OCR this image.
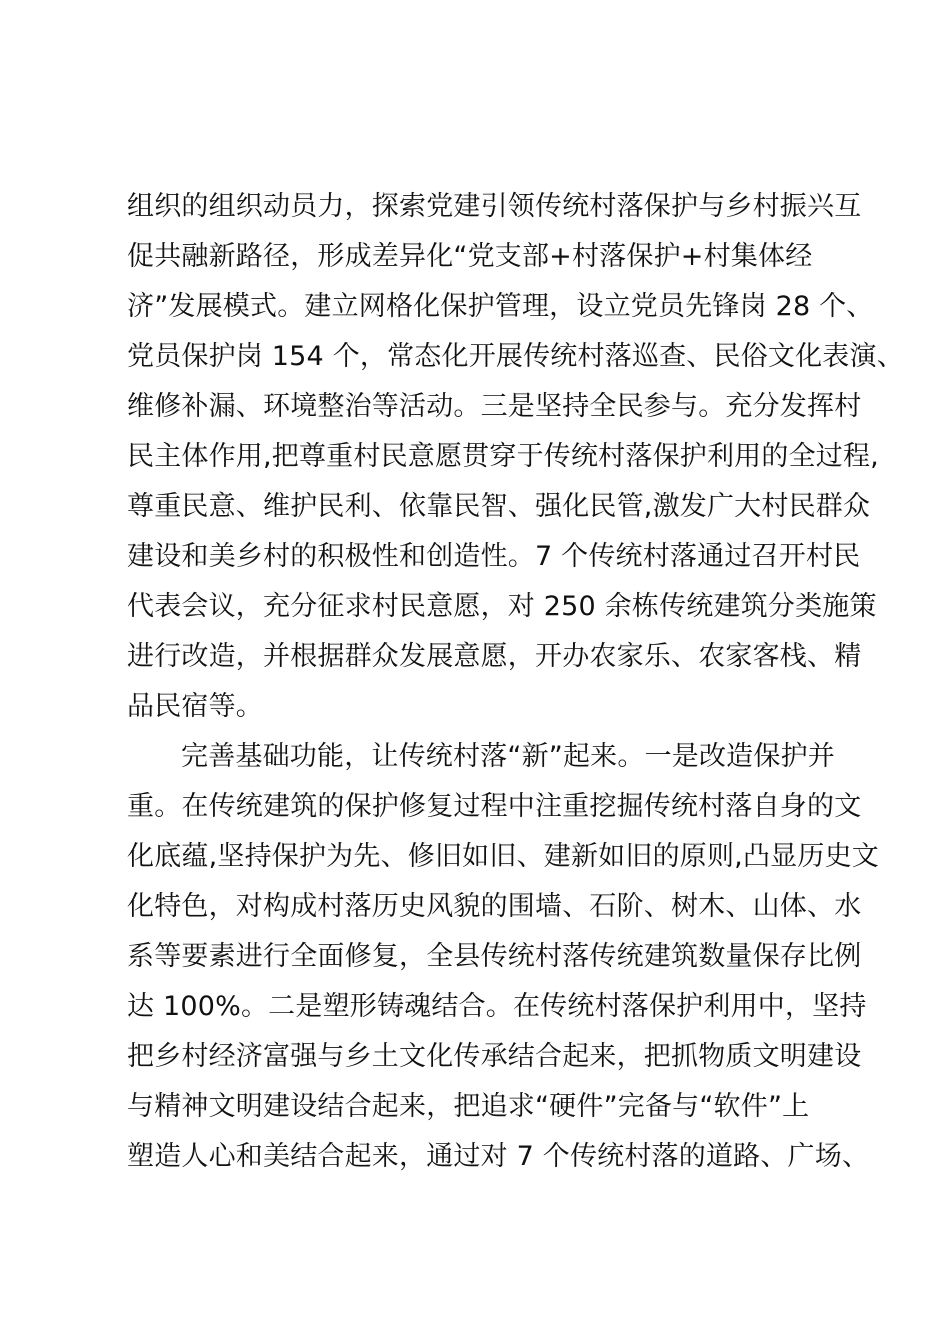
组织的组织动员力，探索党建引领传统村落保护与乡村振兴互
促共融新路径，形成差异化“党支部+村落保护+村集体经
济”发展模式。建立网格化保护管理，设立党员先锋岗 28 个、
党员保护岗 154 个，常态化开展传统村落巡查、民俗文化表演、
维修补漏、环境整治等活动。三是坚持全民参与。充分发挥村
民主体作用,把尊重村民意愿贯穿于传统村落保护利用的全过程,
尊重民意、维护民利、依靠民智、强化民管,激发广大村民群众
建设和美乡村的积极性和创造性。7 个传统村落通过召开村民
代表会议，充分征求村民意愿，对 250 余栋传统建筑分类施策
进行改造，并根据群众发展意愿，开办农家乐、农家客栈、精
品民宿等。
完善基础功能，让传统村落“新”起来。一是改造保护并
重。在传统建筑的保护修复过程中注重挖掘传统村落自身的文
化底蕴,坚持保护为先、修旧如旧、建新如旧的原则,凸显历史文
化特色，对构成村落历史风貌的围墙、石阶、树木、山体、水
系等要素进行全面修复，全县传统村落传统建筑数量保存比例
达 100%。二是塑形铸魂结合。在传统村落保护利用中，坚持
把乡村经济富强与乡土文化传承结合起来，把抓物质文明建设
与精神文明建设结合起来，把追求“硬件”完备与“软件”上
塑造人心和美结合起来，通过对 7 个传统村落的道路、广场、
